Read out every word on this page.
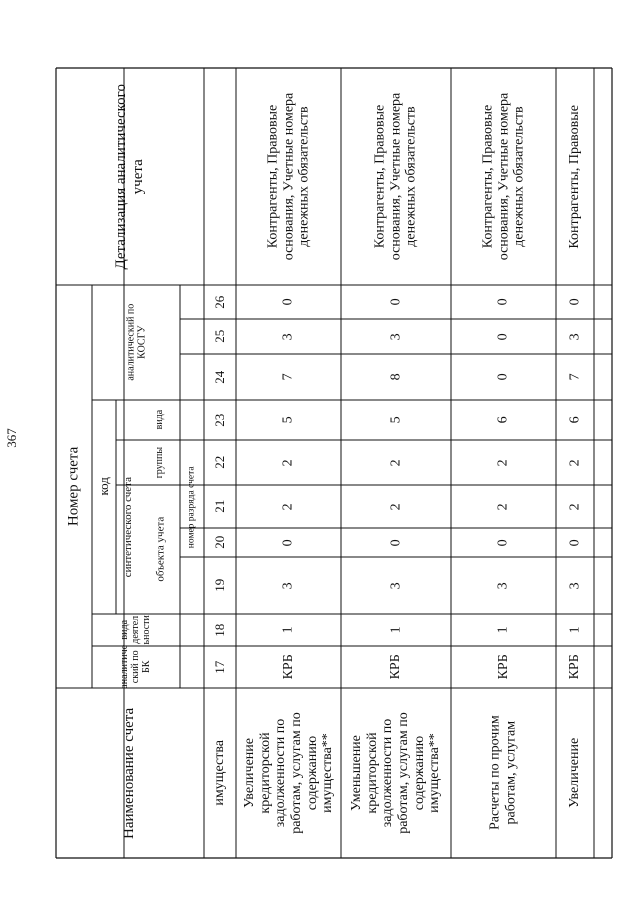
367
Наименование счета
Номер счета
Детализация аналитического
учета
код
аналитиче
ский по
БК
вида
деятел
ьности
синтетического счета объекта учета
группы
вида
аналитический по
КОСГУ
номер разряда счета
17
18
19
20
21
22
23
24
25
26
имущества Увеличение
кредиторской
задолженности по
работам, услугам по
содержанию
имущества**
КРБ
1
3
0
2
2
5
7
3
0
Контрагенты, Правовые
основания, Учетные номера
денежных обязательств
Уменьшение
кредиторской
задолженности по
работам, услугам по
содержанию
имущества**
КРБ
1
3
0
2
2
5
8
3
0
Контрагенты, Правовые
основания, Учетные номера
денежных обязательств
Расчеты по прочим
работам, услугам
КРБ
1
3
0
2
2
6
0
0
0
Контрагенты, Правовые
основания, Учетные номера
денежных обязательств
Увеличение
КРБ
1
3
0
2
2
6
7
3
0
Контрагенты, Правовые
